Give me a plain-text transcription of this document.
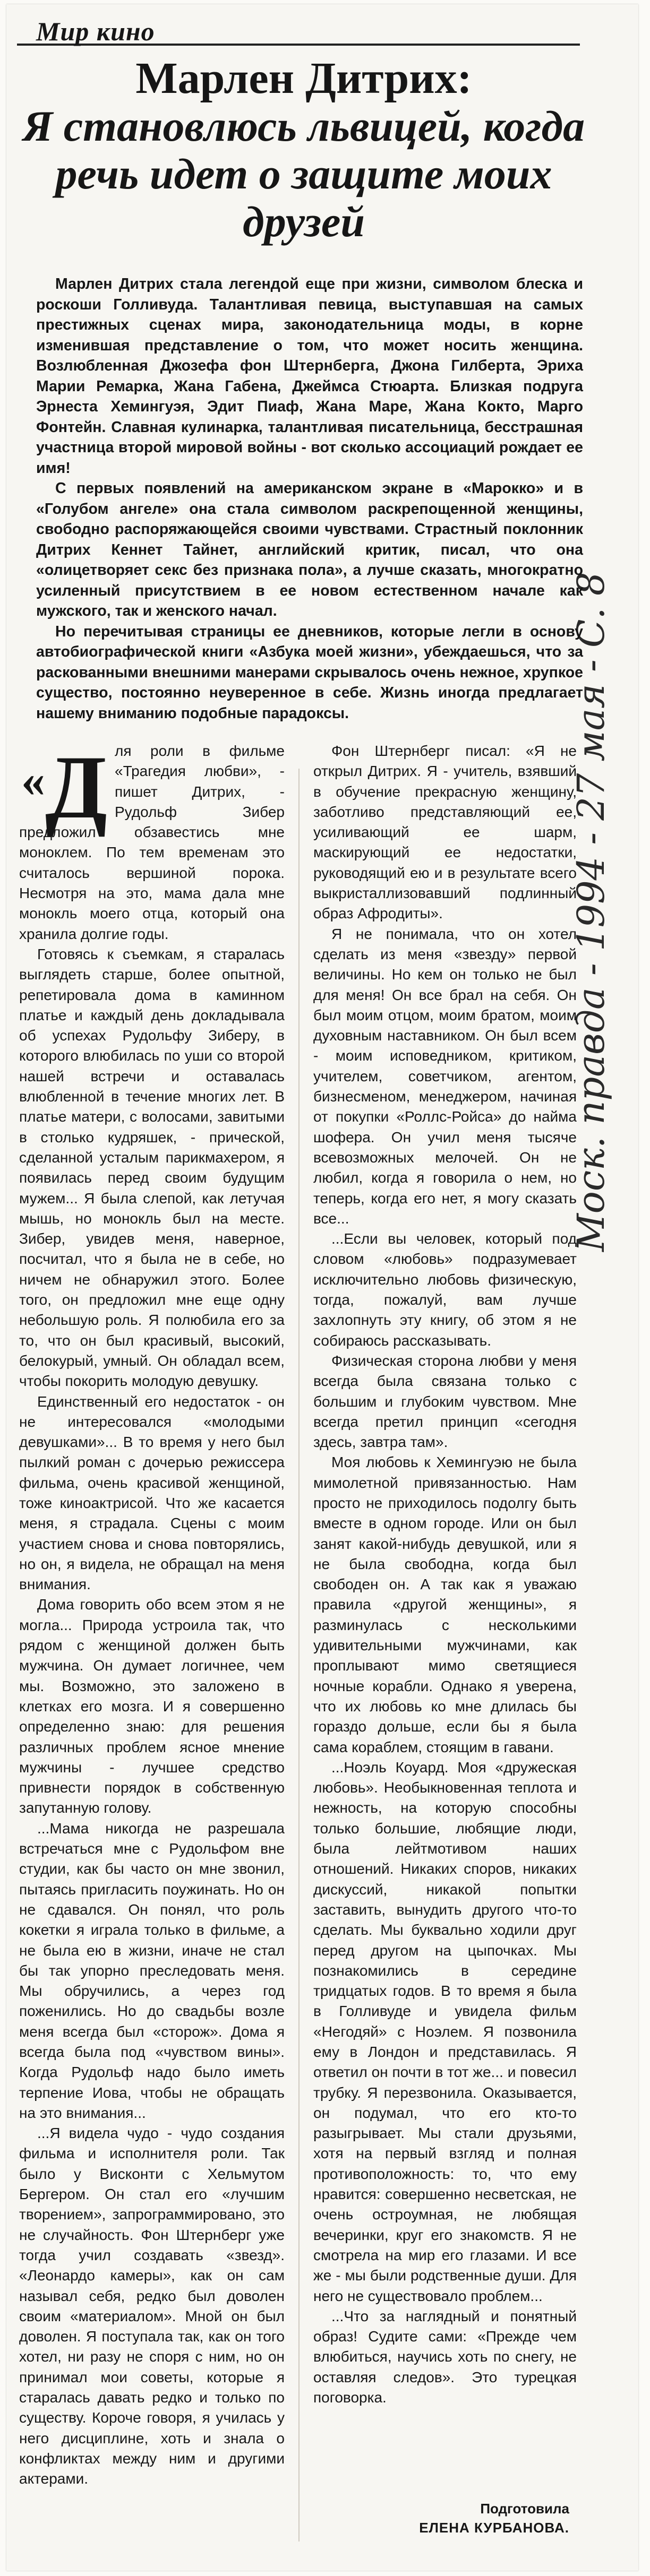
Мир кино
Марлен Дитрих:
Я становлюсь львицей, когда речь идет о защите моих друзей
Моск. правда - 1994 - 27 мая - С. 8

Марлен Дитрих стала легендой еще при жизни, символом блеска и роскоши Голливуда. Талантливая певица, выступавшая на самых престижных сценах мира, законодательница моды, в корне изменившая представление о том, что может носить женщина. Возлюбленная Джозефа фон Штернберга, Джона Гилберта, Эриха Марии Ремарка, Жана Габена, Джеймса Стюарта. Близкая подруга Эрнеста Хемингуэя, Эдит Пиаф, Жана Маре, Жана Кокто, Марго Фонтейн. Славная кулинарка, талантливая писательница, бесстрашная участница второй мировой войны - вот сколько ассоциаций рождает ее имя!

С первых появлений на американском экране в «Марокко» и в «Голубом ангеле» она стала символом раскрепощенной женщины, свободно распоряжающейся своими чувствами. Страстный поклонник Дитрих Кеннет Тайнет, английский критик, писал, что она «олицетворяет секс без признака пола», а лучше сказать, многократно усиленный присутствием в ее новом естественном начале как мужского, так и женского начал.

Но перечитывая страницы ее дневников, которые легли в основу автобиографической книги «Азбука моей жизни», убеждаешься, что за раскованными внешними манерами скрывалось очень нежное, хрупкое существо, постоянно неуверенное в себе. Жизнь иногда предлагает нашему вниманию подобные парадоксы.

«Д ля роли в фильме «Трагедия любви», - пишет Дитрих, - Рудольф Зибер предложил обзавестись мне моноклем. По тем временам это считалось вершиной порока. Несмотря на это, мама дала мне монокль моего отца, который она хранила долгие годы.

Готовясь к съемкам, я старалась выглядеть старше, более опытной, репетировала дома в каминном платье и каждый день докладывала об успехах Рудольфу Зиберу, в которого влюбилась по уши со второй нашей встречи и оставалась влюбленной в течение многих лет. В платье матери, с волосами, завитыми в столько кудряшек, - прической, сделанной усталым парикмахером, я появилась перед своим будущим мужем... Я была слепой, как летучая мышь, но монокль был на месте. Зибер, увидев меня, наверное, посчитал, что я была не в себе, но ничем не обнаружил этого. Более того, он предложил мне еще одну небольшую роль. Я полюбила его за то, что он был красивый, высокий, белокурый, умный. Он обладал всем, чтобы покорить молодую девушку.

Единственный его недостаток - он не интересовался «молодыми девушками»... В то время у него был пылкий роман с дочерью режиссера фильма, очень красивой женщиной, тоже кинoактрисой. Что же касается меня, я страдала. Сцены с моим участием снова и снова повторялись, но он, я видела, не обращал на меня внимания.

Дома говорить обо всем этом я не могла... Природа устроила так, что рядом с женщиной должен быть мужчина. Он думает логичнее, чем мы. Возможно, это заложено в клетках его мозга. И я совершенно определенно знаю: для решения различных проблем ясное мнение мужчины - лучшее средство привнести порядок в собственную запутанную голову.

...Мама никогда не разрешала встречаться мне с Рудольфом вне студии, как бы часто он мне звонил, пытаясь пригласить поужинать. Но он не сдавался. Он понял, что роль кокетки я играла только в фильме, а не была ею в жизни, иначе не стал бы так упорно преследовать меня. Мы обручились, а через год поженились. Но до свадьбы возле меня всегда был «сторож». Дома я всегда была под «чувством вины». Когда Рудольф надо было иметь терпение Иова, чтобы не обращать на это внимания...

...Я видела чудо - чудо создания фильма и исполнителя роли. Так было у Висконти с Хельмутом Бергером. Он стал его «лучшим творением», запрограммировано, это не случайность. Фон Штернберг уже тогда учил создавать «звезд». «Леонардо камеры», как он сам называл себя, редко был доволен своим «материалом». Мной он был доволен. Я поступала так, как он того хотел, ни разу не споря с ним, но он принимал мои советы, которые я старалась давать редко и только по существу. Короче говоря, я училась у него дисциплине, хоть и знала о конфликтах между ним и другими актерами.

Фон Штернберг писал: «Я не открыл Дитрих. Я - учитель, взявший в обучение прекрасную женщину, заботливо представляющий ее, усиливающий ее шарм, маскирующий ее недостатки, руководящий ею и в результате всего выкристаллизовавший подлинный образ Афродиты».

Я не понимала, что он хотел сделать из меня «звезду» первой величины. Но кем он только не был для меня! Он все брал на себя. Он был моим отцом, моим братом, моим духовным наставником. Он был всем - моим исповедником, критиком, учителем, советчиком, агентом, бизнесменом, менеджером, начиная от покупки «Роллс-Ройса» до найма шофера. Он учил меня тысяче всевозможных мелочей. Он не любил, когда я говорила о нем, но теперь, когда его нет, я могу сказать все...

...Если вы человек, который под словом «любовь» подразумевает исключительно любовь физическую, тогда, пожалуй, вам лучше захлопнуть эту книгу, об этом я не собираюсь рассказывать.

Физическая сторона любви у меня всегда была связана только с большим и глубоким чувством. Мне всегда претил принцип «сегодня здесь, завтра там».

Моя любовь к Хемингуэю не была мимолетной привязанностью. Нам просто не приходилось подолгу быть вместе в одном городе. Или он был занят какой-нибудь девушкой, или я не была свободна, когда был свободен он. А так как я уважаю правила «другой женщины», я разминулась с несколькими удивительными мужчинами, как проплывают мимо светящиеся ночные корабли. Однако я уверена, что их любовь ко мне длилась бы гораздо дольше, если бы я была сама кораблем, стоящим в гавани.

...Ноэль Коуард. Моя «дружеская любовь». Необыкновенная теплота и нежность, на которую способны только большие, любящие люди, была лейтмотивом наших отношений. Никаких споров, никаких дискуссий, никакой попытки заставить, вынудить другого что-то сделать. Мы буквально ходили друг перед другом на цыпочках. Мы познакомились в середине тридцатых годов. В то время я была в Голливуде и увидела фильм «Негодяй» с Ноэлем. Я позвонила ему в Лондон и представилась. Я ответил он почти в тот же... и повесил трубку. Я перезвонила. Оказывается, он подумал, что его кто-то разыгрывает. Мы стали друзьями, хотя на первый взгляд и полная противоположность: то, что ему нравится: совершенно несветская, не очень остроумная, не любящая вечеринки, круг его знакомств. Я не смотрела на мир его глазами. И все же - мы были родственные души. Для него не существовало проблем...

...Что за наглядный и понятный образ! Судите сами: «Прежде чем влюбиться, научись хоть по снегу, не оставляя следов». Это турецкая поговорка.

Подготовила
ЕЛЕНА КУРБАНОВА.
